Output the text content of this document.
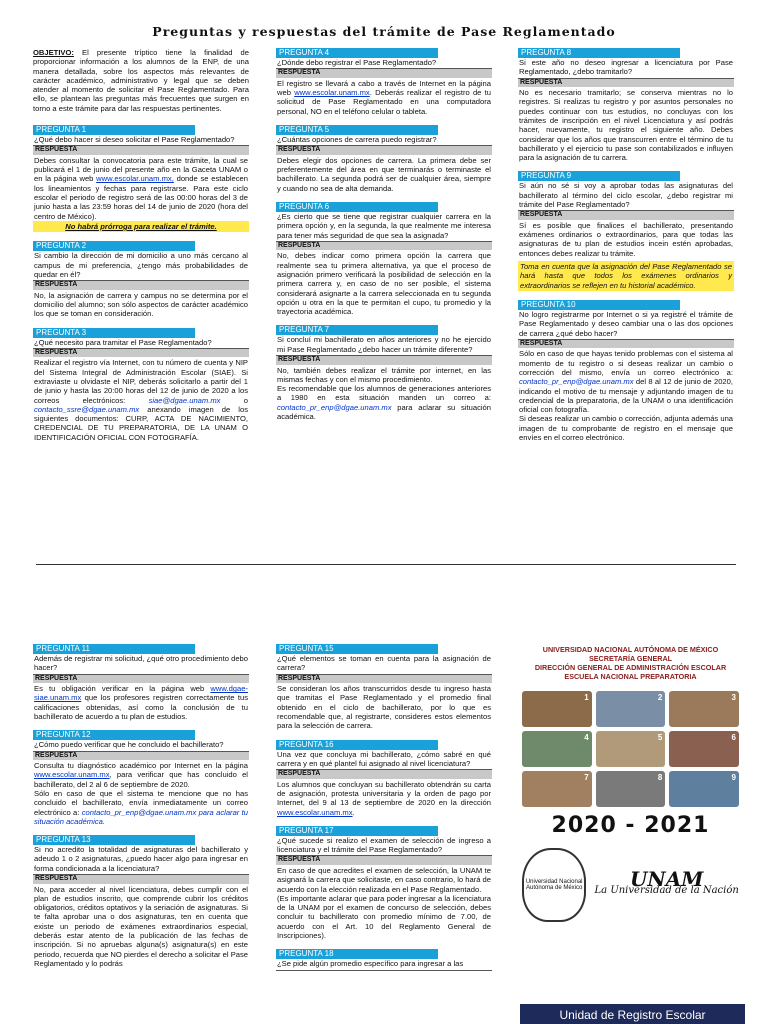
Preguntas y respuestas del trámite de Pase Reglamentado
OBJETIVO: El presente tríptico tiene la finalidad de proporcionar información a los alumnos de la ENP, de una manera detallada, sobre los aspectos más relevantes de carácter académico, administrativo y legal que se deben atender al momento de solicitar el Pase Reglamentado. Para ello, se plantean las preguntas más frecuentes que surgen en torno a este trámite para dar las respuestas pertinentes.
PREGUNTA 1
¿Qué debo hacer si deseo solicitar el Pase Reglamentado?
RESPUESTA
Debes consultar la convocatoria para este trámite, la cual se publicará el 1 de junio del presente año en la Gaceta UNAM o en la página web www.escolar.unam.mx, donde se establecen los lineamientos y fechas para registrarse. Para este ciclo escolar el periodo de registro será de las 00:00 horas del 3 de junio hasta a las 23:59 horas del 14 de junio de 2020 (hora del centro de México).
No habrá prórroga para realizar el trámite.
PREGUNTA 2
Si cambio la dirección de mi domicilio a uno más cercano al campus de mi preferencia, ¿tengo más probabilidades de quedar en él?
RESPUESTA
No, la asignación de carrera y campus no se determina por el domicilio del alumno; son sólo aspectos de carácter académico los que se toman en consideración.
PREGUNTA 3
¿Qué necesito para tramitar el Pase Reglamentado?
RESPUESTA
Realizar el registro vía Internet, con tu número de cuenta y NIP del Sistema Integral de Administración Escolar (SIAE). Si extraviaste u olvidaste el NIP, deberás solicitarlo a partir del 1 de junio y hasta las 20:00 horas del 12 de junio de 2020 a los correos electrónicos: siae@dgae.unam.mx o contacto_ssre@dgae.unam.mx anexando imagen de los siguientes documentos: CURP, ACTA DE NACIMIENTO, CREDENCIAL DE TU PREPARATORIA, DE LA UNAM O IDENTIFICACIÓN OFICIAL CON FOTOGRAFÍA.
PREGUNTA 4
¿Dónde debo registrar el Pase Reglamentado?
RESPUESTA
El registro se llevará a cabo a través de Internet en la página web www.escolar.unam.mx. Deberás realizar el registro de tu solicitud de Pase Reglamentado en una computadora personal, NO en el teléfono celular o tableta.
PREGUNTA 5
¿Cuántas opciones de carrera puedo registrar?
RESPUESTA
Debes elegir dos opciones de carrera. La primera debe ser preferentemente del área en que terminarás o terminaste el bachillerato. La segunda podrá ser de cualquier área, siempre y cuando no sea de alta demanda.
PREGUNTA 6
¿Es cierto que se tiene que registrar cualquier carrera en la primera opción y, en la segunda, la que realmente me interesa para tener más seguridad de que sea la asignada?
RESPUESTA
No, debes indicar como primera opción la carrera que realmente sea tu primera alternativa, ya que el proceso de asignación primero verificará la posibilidad de selección en la primera carrera y, en caso de no ser posible, el sistema considerará asignarte a la carrera seleccionada en tu segunda opción u otra en la que te permitan el cupo, tu promedio y la trayectoria académica.
PREGUNTA 7
Si concluí mi bachillerato en años anteriores y no he ejercido mi Pase Reglamentado ¿debo hacer un trámite diferente?
RESPUESTA
No, también debes realizar el trámite por internet, en las mismas fechas y con el mismo procedimiento.
Es recomendable que los alumnos de generaciones anteriores a 1980 en esta situación manden un correo a: contacto_pr_enp@dgae.unam.mx para aclarar su situación académica.
PREGUNTA 8
Si este año no deseo ingresar a licenciatura por Pase Reglamentado, ¿debo tramitarlo?
RESPUESTA
No es necesario tramitarlo; se conserva mientras no lo registres. Si realizas tu registro y por asuntos personales no puedes continuar con tus estudios, no concluyas con los trámites de inscripción en el nivel Licenciatura y así podrás hacer, nuevamente, tu registro el siguiente año. Debes considerar que los años que transcurren entre el término de tu bachillerato y el ejercicio tu pase son contabilizados e influyen para la asignación de tu carrera.
PREGUNTA 9
Si aún no sé si voy a aprobar todas las asignaturas del bachillerato al término del ciclo escolar, ¿debo registrar mi trámite del Pase Reglamentado?
RESPUESTA
Sí es posible que finalices el bachillerato, presentando exámenes ordinarios o extraordinarios, para que todas las asignaturas de tu plan de estudios incein estén aprobadas, entonces debes realizar tu trámite.
Toma en cuenta que la asignación del Pase Reglamentado se hará hasta que todos los exámenes ordinarios y extraordinarios se reflejen en tu historial académico.
PREGUNTA 10
No logro registrarme por Internet o si ya registré el trámite de Pase Reglamentado y deseo cambiar una o las dos opciones de carrera ¿qué debo hacer?
RESPUESTA
Sólo en caso de que hayas tenido problemas con el sistema al momento de tu registro o si deseas realizar un cambio o corrección del mismo, envía un correo electrónico a: contacto_pr_enp@dgae.unam.mx del 8 al 12 de junio de 2020, indicando el motivo de tu mensaje y adjuntando imagen de tu credencial de la preparatoria, de la UNAM o una identificación oficial con fotografía.
Si deseas realizar un cambio o corrección, adjunta además una imagen de tu comprobante de registro en el mensaje que envíes en el correo electrónico.
PREGUNTA 11
Además de registrar mi solicitud, ¿qué otro procedimiento debo hacer?
RESPUESTA
Es tu obligación verificar en la página web www.dgae-siae.unam.mx que los profesores registren correctamente tus calificaciones obtenidas, así como la conclusión de tu bachillerato de acuerdo a tu plan de estudios.
PREGUNTA 12
¿Cómo puedo verificar que he concluido el bachillerato?
RESPUESTA
Consulta tu diagnóstico académico por Internet en la página www.escolar.unam.mx, para verificar que has concluido el bachillerato, del 2 al 6 de septiembre de 2020.
Sólo en caso de que el sistema te mencione que no has concluido el bachillerato, envía inmediatamente un correo electrónico a: contacto_pr_enp@dgae.unam.mx para aclarar tu situación académica.
PREGUNTA 13
Si no acredito la totalidad de asignaturas del bachillerato y adeudo 1 o 2 asignaturas, ¿puedo hacer algo para ingresar en forma condicionada a la licenciatura?
RESPUESTA
No, para acceder al nivel licenciatura, debes cumplir con el plan de estudios inscrito, que comprende cubrir los créditos obligatorios, créditos optativos y la seriación de asignaturas. Si te falta aprobar una o dos asignaturas, ten en cuenta que existe un periodo de exámenes extraordinarios especial, deberás estar atento de la publicación de las fechas de inscripción. Si no apruebas alguna(s) asignatura(s) en este periodo, recuerda que NO pierdes el derecho a solicitar el Pase Reglamentado y lo podrás
PREGUNTA 15
¿Qué elementos se toman en cuenta para la asignación de carrera?
RESPUESTA
Se consideran los años transcurridos desde tu ingreso hasta que tramitas el Pase Reglamentado y el promedio final obtenido en el ciclo de bachillerato, por lo que es recomendable que, al registrarte, consideres estos elementos para la selección de carrera.
PREGUNTA 16
Una vez que concluya mi bachillerato, ¿cómo sabré en qué carrera y en qué plantel fui asignado al nivel licenciatura?
RESPUESTA
Los alumnos que concluyan su bachillerato obtendrán su carta de asignación, protesta universitaria y la orden de pago por Internet, del 9 al 13 de septiembre de 2020 en la dirección www.escolar.unam.mx.
PREGUNTA 17
¿Qué sucede si realizo el examen de selección de ingreso a licenciatura y el trámite del Pase Reglamentado?
RESPUESTA
En caso de que acredites el examen de selección, la UNAM te asignará la carrera que solicitaste, en caso contrario, lo hará de acuerdo con la elección realizada en el Pase Reglamentado.
(Es importante aclarar que para poder ingresar a la licenciatura de la UNAM por el examen de concurso de selección, debes concluir tu bachillerato con promedio mínimo de 7.00, de acuerdo con el Art. 10 del Reglamento General de Inscripciones).
PREGUNTA 18
¿Se pide algún promedio específico para ingresar a las
UNIVERSIDAD NACIONAL AUTÓNOMA DE MÉXICO
SECRETARÍA GENERAL
DIRECCIÓN GENERAL DE ADMINISTRACIÓN ESCOLAR
ESCUELA NACIONAL PREPARATORIA
1	2	3
4	5	6
7	8	9
2020 - 2021
Universidad Nacional Autónoma de México	UNAM
La Universidad de la Nación
Unidad de Registro Escolar
